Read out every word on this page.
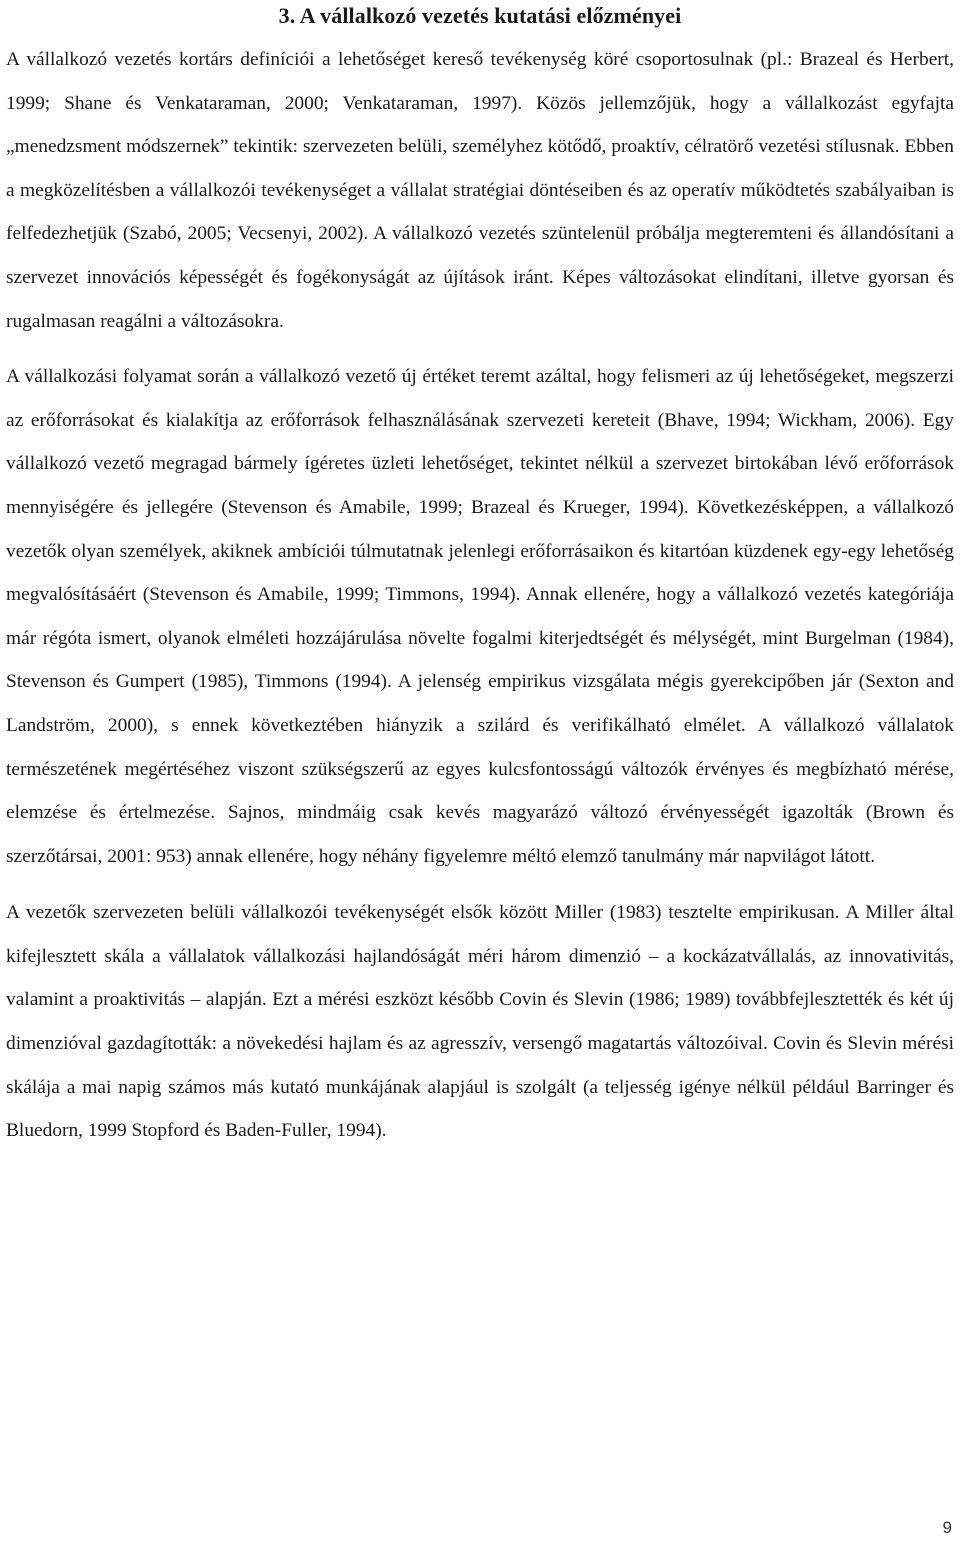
3. A vállalkozó vezetés kutatási előzményei

A vállalkozó vezetés kortárs definíciói a lehetőséget kereső tevékenység köré csoportosulnak (pl.: Brazeal és Herbert, 1999; Shane és Venkataraman, 2000; Venkataraman, 1997). Közös jellemzőjük, hogy a vállalkozást egyfajta „menedzsment módszernek” tekintik: szervezeten belüli, személyhez kötődő, proaktív, célratörő vezetési stílusnak. Ebben a megközelítésben a vállalkozói tevékenységet a vállalat stratégiai döntéseiben és az operatív működtetés szabályaiban is felfedezhetjük (Szabó, 2005; Vecsenyi, 2002). A vállalkozó vezetés szüntelenül próbálja megteremteni és állandósítani a szervezet innovációs képességét és fogékonyságát az újítások iránt. Képes változásokat elindítani, illetve gyorsan és rugalmasan reagálni a változásokra.

A vállalkozási folyamat során a vállalkozó vezető új értéket teremt azáltal, hogy felismeri az új lehetőségeket, megszerzi az erőforrásokat és kialakítja az erőforrások felhasználásának szervezeti kereteit (Bhave, 1994; Wickham, 2006). Egy vállalkozó vezető megragad bármely ígéretes üzleti lehetőséget, tekintet nélkül a szervezet birtokában lévő erőforrások mennyiségére és jellegére (Stevenson és Amabile, 1999; Brazeal és Krueger, 1994). Következésképpen, a vállalkozó vezetők olyan személyek, akiknek ambíciói túlmutatnak jelenlegi erőforrásaikon és kitartóan küzdenek egy-egy lehetőség megvalósításáért (Stevenson és Amabile, 1999; Timmons, 1994). Annak ellenére, hogy a vállalkozó vezetés kategóriája már régóta ismert, olyanok elméleti hozzájárulása növelte fogalmi kiterjedtségét és mélységét, mint Burgelman (1984), Stevenson és Gumpert (1985), Timmons (1994). A jelenség empirikus vizsgálata mégis gyerekcipőben jár (Sexton and Landström, 2000), s ennek következtében hiányzik a szilárd és verifikálható elmélet. A vállalkozó vállalatok természetének megértéséhez viszont szükségszerű az egyes kulcsfontosságú változók érvényes és megbízható mérése, elemzése és értelmezése. Sajnos, mindmáig csak kevés magyarázó változó érvényességét igazolták (Brown és szerzőtársai, 2001: 953) annak ellenére, hogy néhány figyelemre méltó elemző tanulmány már napvilágot látott.

A vezetők szervezeten belüli vállalkozói tevékenységét elsők között Miller (1983) tesztelte empirikusan. A Miller által kifejlesztett skála a vállalatok vállalkozási hajlandóságát méri három dimenzió – a kockázatvállalás, az innovativitás, valamint a proaktivitás – alapján. Ezt a mérési eszközt később Covin és Slevin (1986; 1989) továbbfejlesztették és két új dimenzióval gazdagították: a növekedési hajlam és az agresszív, versengő magatartás változóival. Covin és Slevin mérési skálája a mai napig számos más kutató munkájának alapjául is szolgált (a teljesség igénye nélkül például Barringer és Bluedorn, 1999 Stopford és Baden-Fuller, 1994).

9
